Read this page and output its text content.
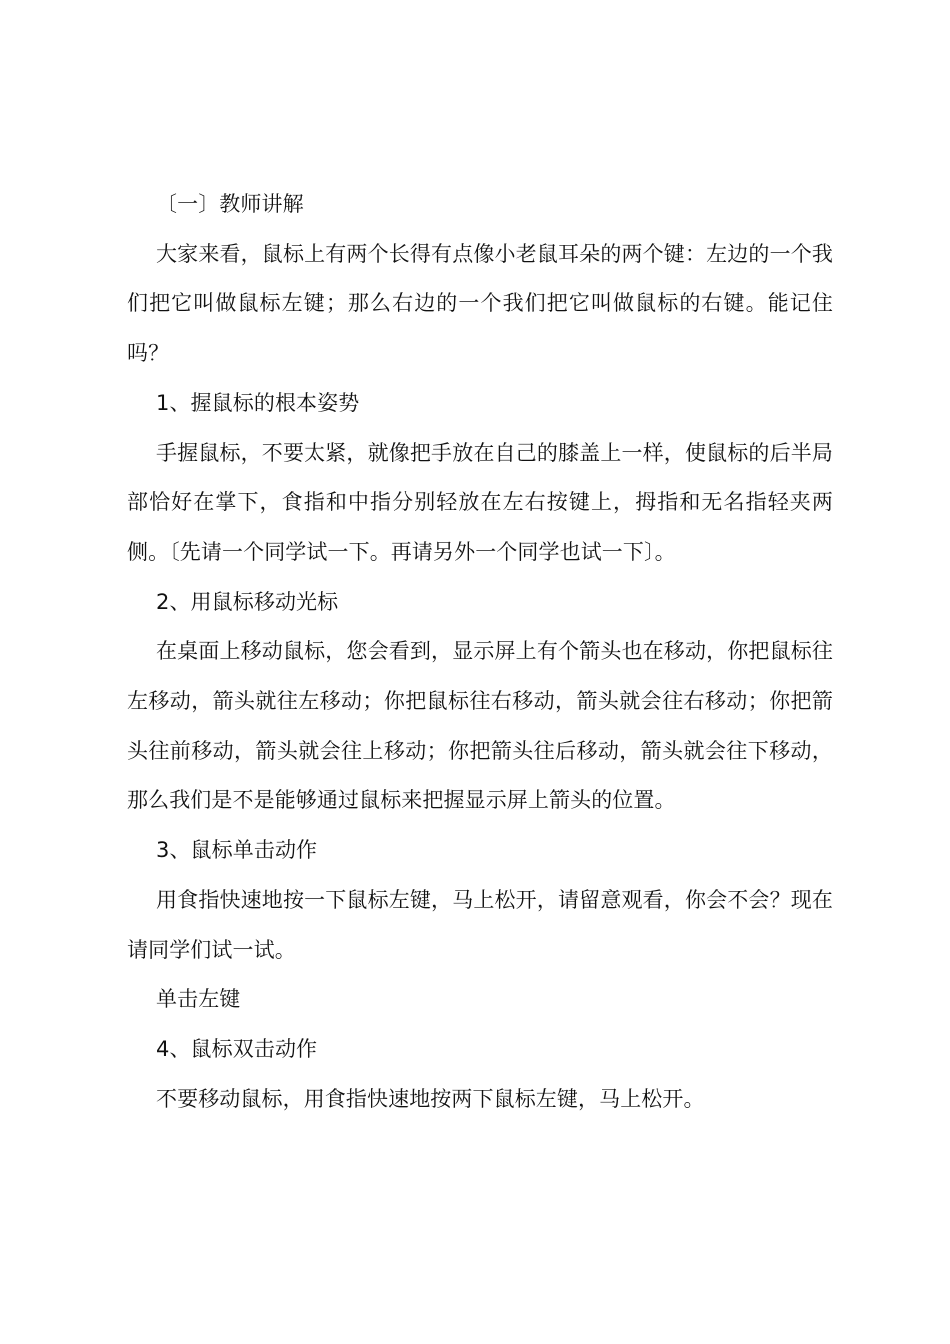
〔一〕教师讲解

大家来看，鼠标上有两个长得有点像小老鼠耳朵的两个键：左边的一个我们把它叫做鼠标左键；那么右边的一个我们把它叫做鼠标的右键。能记住吗？

1、握鼠标的根本姿势

手握鼠标，不要太紧，就像把手放在自己的膝盖上一样，使鼠标的后半局部恰好在掌下，食指和中指分别轻放在左右按键上，拇指和无名指轻夹两侧。〔先请一个同学试一下。再请另外一个同学也试一下〕。

2、用鼠标移动光标

在桌面上移动鼠标，您会看到，显示屏上有个箭头也在移动，你把鼠标往左移动，箭头就往左移动；你把鼠标往右移动，箭头就会往右移动；你把箭头往前移动，箭头就会往上移动；你把箭头往后移动，箭头就会往下移动，那么我们是不是能够通过鼠标来把握显示屏上箭头的位置。

3、鼠标单击动作

用食指快速地按一下鼠标左键，马上松开，请留意观看，你会不会？现在请同学们试一试。

单击左键

4、鼠标双击动作

不要移动鼠标，用食指快速地按两下鼠标左键，马上松开。
